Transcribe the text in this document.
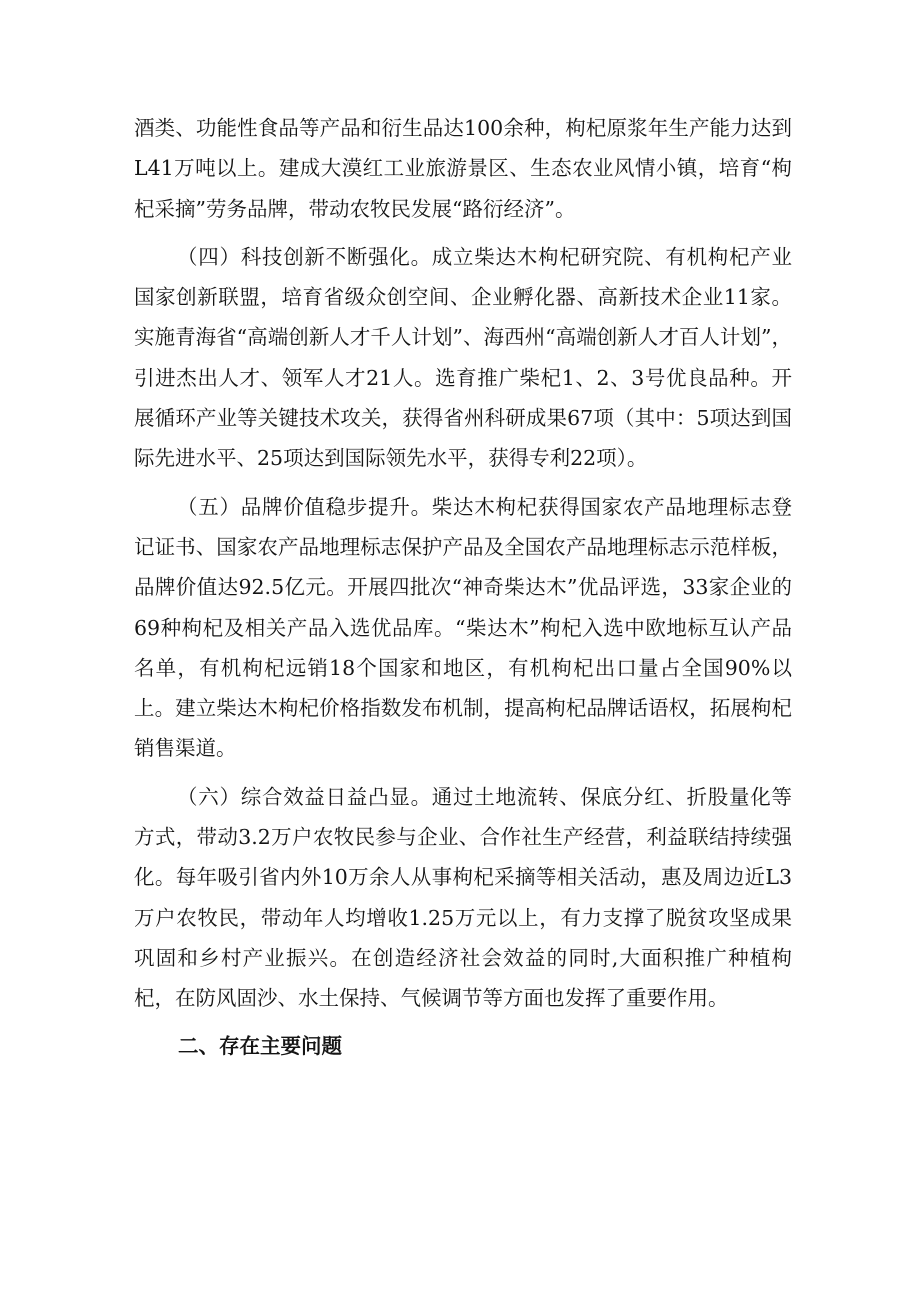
酒类、功能性食品等产品和衍生品达100余种，枸杞原浆年生产能力达到L41万吨以上。建成大漠红工业旅游景区、生态农业风情小镇，培育“枸杞采摘”劳务品牌，带动农牧民发展“路衍经济”。

（四）科技创新不断强化。成立柴达木枸杞研究院、有机枸杞产业国家创新联盟，培育省级众创空间、企业孵化器、高新技术企业11家。实施青海省“高端创新人才千人计划”、海西州“高端创新人才百人计划”，引进杰出人才、领军人才21人。选育推广柴杞1、2、3号优良品种。开展循环产业等关键技术攻关，获得省州科研成果67项（其中：5项达到国际先进水平、25项达到国际领先水平，获得专利22项）。

（五）品牌价值稳步提升。柴达木枸杞获得国家农产品地理标志登记证书、国家农产品地理标志保护产品及全国农产品地理标志示范样板，品牌价值达92.5亿元。开展四批次“神奇柴达木”优品评选，33家企业的69种枸杞及相关产品入选优品库。“柴达木”枸杞入选中欧地标互认产品名单，有机枸杞远销18个国家和地区，有机枸杞出口量占全国90%以上。建立柴达木枸杞价格指数发布机制，提高枸杞品牌话语权，拓展枸杞销售渠道。

（六）综合效益日益凸显。通过土地流转、保底分红、折股量化等方式，带动3.2万户农牧民参与企业、合作社生产经营，利益联结持续强化。每年吸引省内外10万余人从事枸杞采摘等相关活动，惠及周边近L3万户农牧民，带动年人均增收1.25万元以上，有力支撑了脱贫攻坚成果巩固和乡村产业振兴。在创造经济社会效益的同时,大面积推广种植枸杞，在防风固沙、水土保持、气候调节等方面也发挥了重要作用。

二、存在主要问题
